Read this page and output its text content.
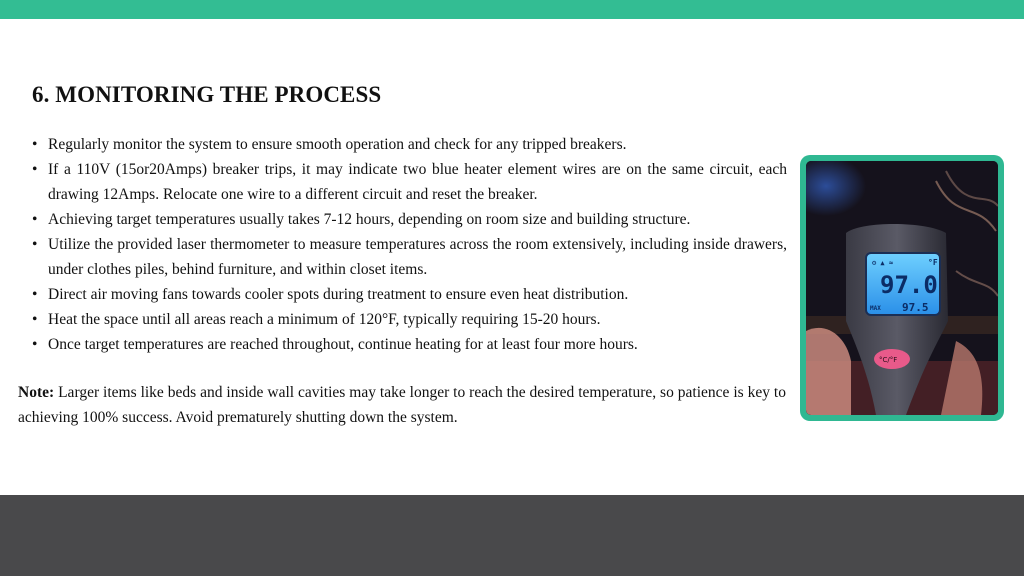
6. MONITORING THE PROCESS
• Regularly monitor the system to ensure smooth operation and check for any tripped breakers.
• If a 110V (15or20Amps) breaker trips, it may indicate two blue heater element wires are on the same circuit, each drawing 12Amps. Relocate one wire to a different circuit and reset the breaker.
• Achieving target temperatures usually takes 7-12 hours, depending on room size and building structure.
• Utilize the provided laser thermometer to measure temperatures across the room extensively, including inside drawers, under clothes piles, behind furniture, and within closet items.
• Direct air moving fans towards cooler spots during treatment to ensure even heat distribution.
• Heat the space until all areas reach a minimum of 120°F, typically requiring 15-20 hours.
• Once target temperatures are reached throughout, continue heating for at least four more hours.

Note: Larger items like beds and inside wall cavities may take longer to reach the desired temperature, so patience is key to achieving 100% success. Avoid prematurely shutting down the system.

⚙ ▲ ≈	°F
97.0
MAX 97.5
°C/°F
